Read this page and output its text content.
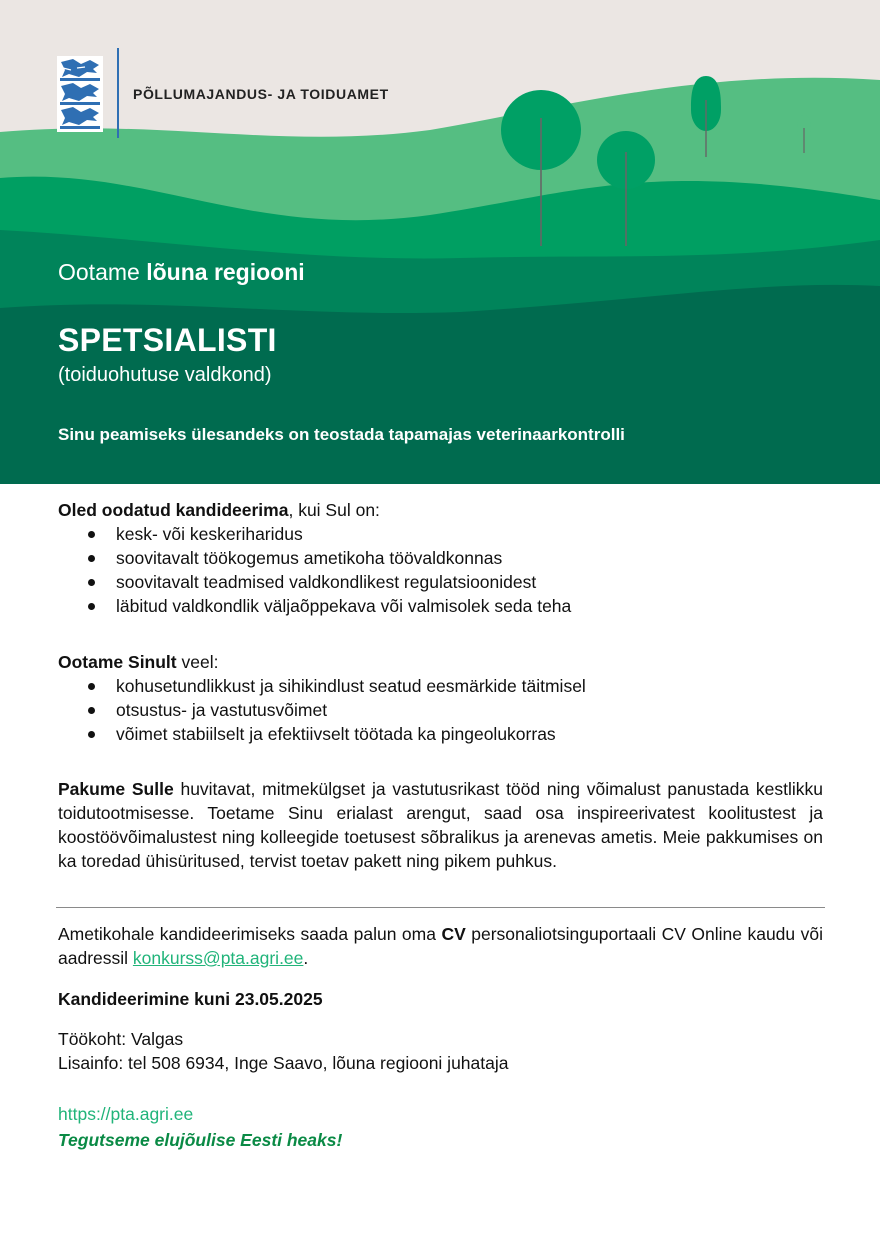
PÕLLUMAJANDUS- JA TOIDUAMET
Ootame lõuna regiooni
SPETSIALISTI
(toiduohutuse valdkond)
Sinu peamiseks ülesandeks on teostada tapamajas veterinaarkontrolli

Oled oodatud kandideerima, kui Sul on:

kesk- või keskeriharidus
soovitavalt töökogemus ametikoha töövaldkonnas
soovitavalt teadmised valdkondlikest regulatsioonidest
läbitud valdkondlik väljaõppekava või valmisolek seda teha

Ootame Sinult veel:

kohusetundlikkust ja sihikindlust seatud eesmärkide täitmisel
otsustus- ja vastutusvõimet
võimet stabiilselt ja efektiivselt töötada ka pingeolukorras
Pakume Sulle huvitavat, mitmekülgset ja vastutusrikast tööd ning võimalust panustada kestlikku toidutootmisesse. Toetame Sinu erialast arengut, saad osa inspireerivatest koolitustest ja koostöövõimalustest ning kolleegide toetusest sõbralikus ja arenevas ametis. Meie pakkumises on ka toredad ühisüritused, tervist toetav pakett ning pikem puhkus.
Ametikohale kandideerimiseks saada palun oma CV personaliotsinguportaali CV Online kaudu või aadressil konkurss@pta.agri.ee.
Kandideerimine kuni 23.05.2025
Töökoht: Valgas
Lisainfo: tel 508 6934, Inge Saavo, lõuna regiooni juhataja
https://pta.agri.ee
Tegutseme elujõulise Eesti heaks!
